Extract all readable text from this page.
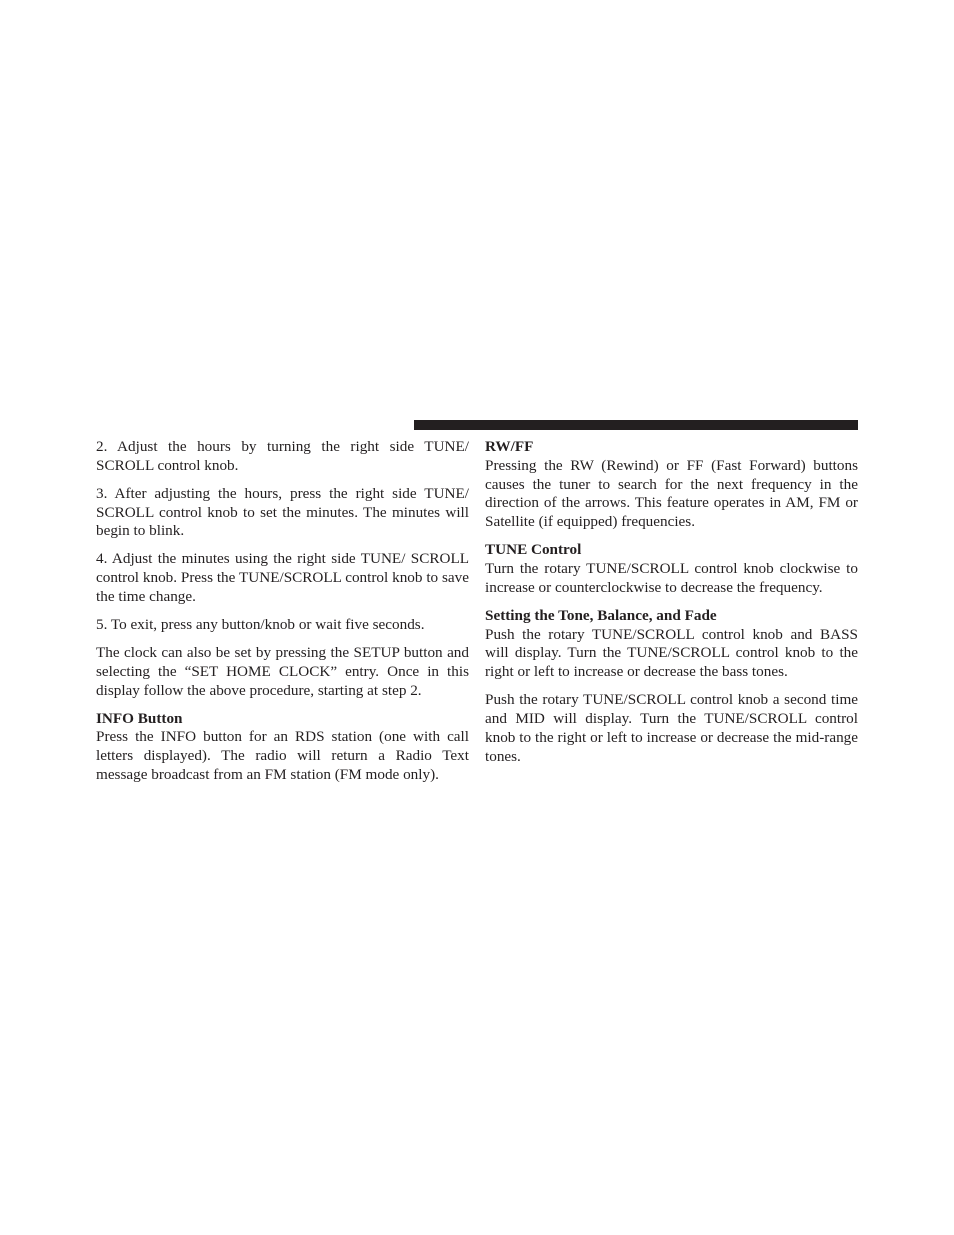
2. Adjust the hours by turning the right side TUNE/ SCROLL control knob.

3. After adjusting the hours, press the right side TUNE/ SCROLL control knob to set the minutes. The minutes will begin to blink.

4. Adjust the minutes using the right side TUNE/ SCROLL control knob. Press the TUNE/SCROLL control knob to save the time change.

5. To exit, press any button/knob or wait five seconds.

The clock can also be set by pressing the SETUP button and selecting the “SET HOME CLOCK” entry. Once in this display follow the above procedure, starting at step 2.

INFO Button

Press the INFO button for an RDS station (one with call letters displayed). The radio will return a Radio Text message broadcast from an FM station (FM mode only).

RW/FF

Pressing the RW (Rewind) or FF (Fast Forward) buttons causes the tuner to search for the next frequency in the direction of the arrows. This feature operates in AM, FM or Satellite (if equipped) frequencies.

TUNE Control

Turn the rotary TUNE/SCROLL control knob clockwise to increase or counterclockwise to decrease the frequency.

Setting the Tone, Balance, and Fade

Push the rotary TUNE/SCROLL control knob and BASS will display. Turn the TUNE/SCROLL control knob to the right or left to increase or decrease the bass tones.

Push the rotary TUNE/SCROLL control knob a second time and MID will display. Turn the TUNE/SCROLL control knob to the right or left to increase or decrease the mid-range tones.
